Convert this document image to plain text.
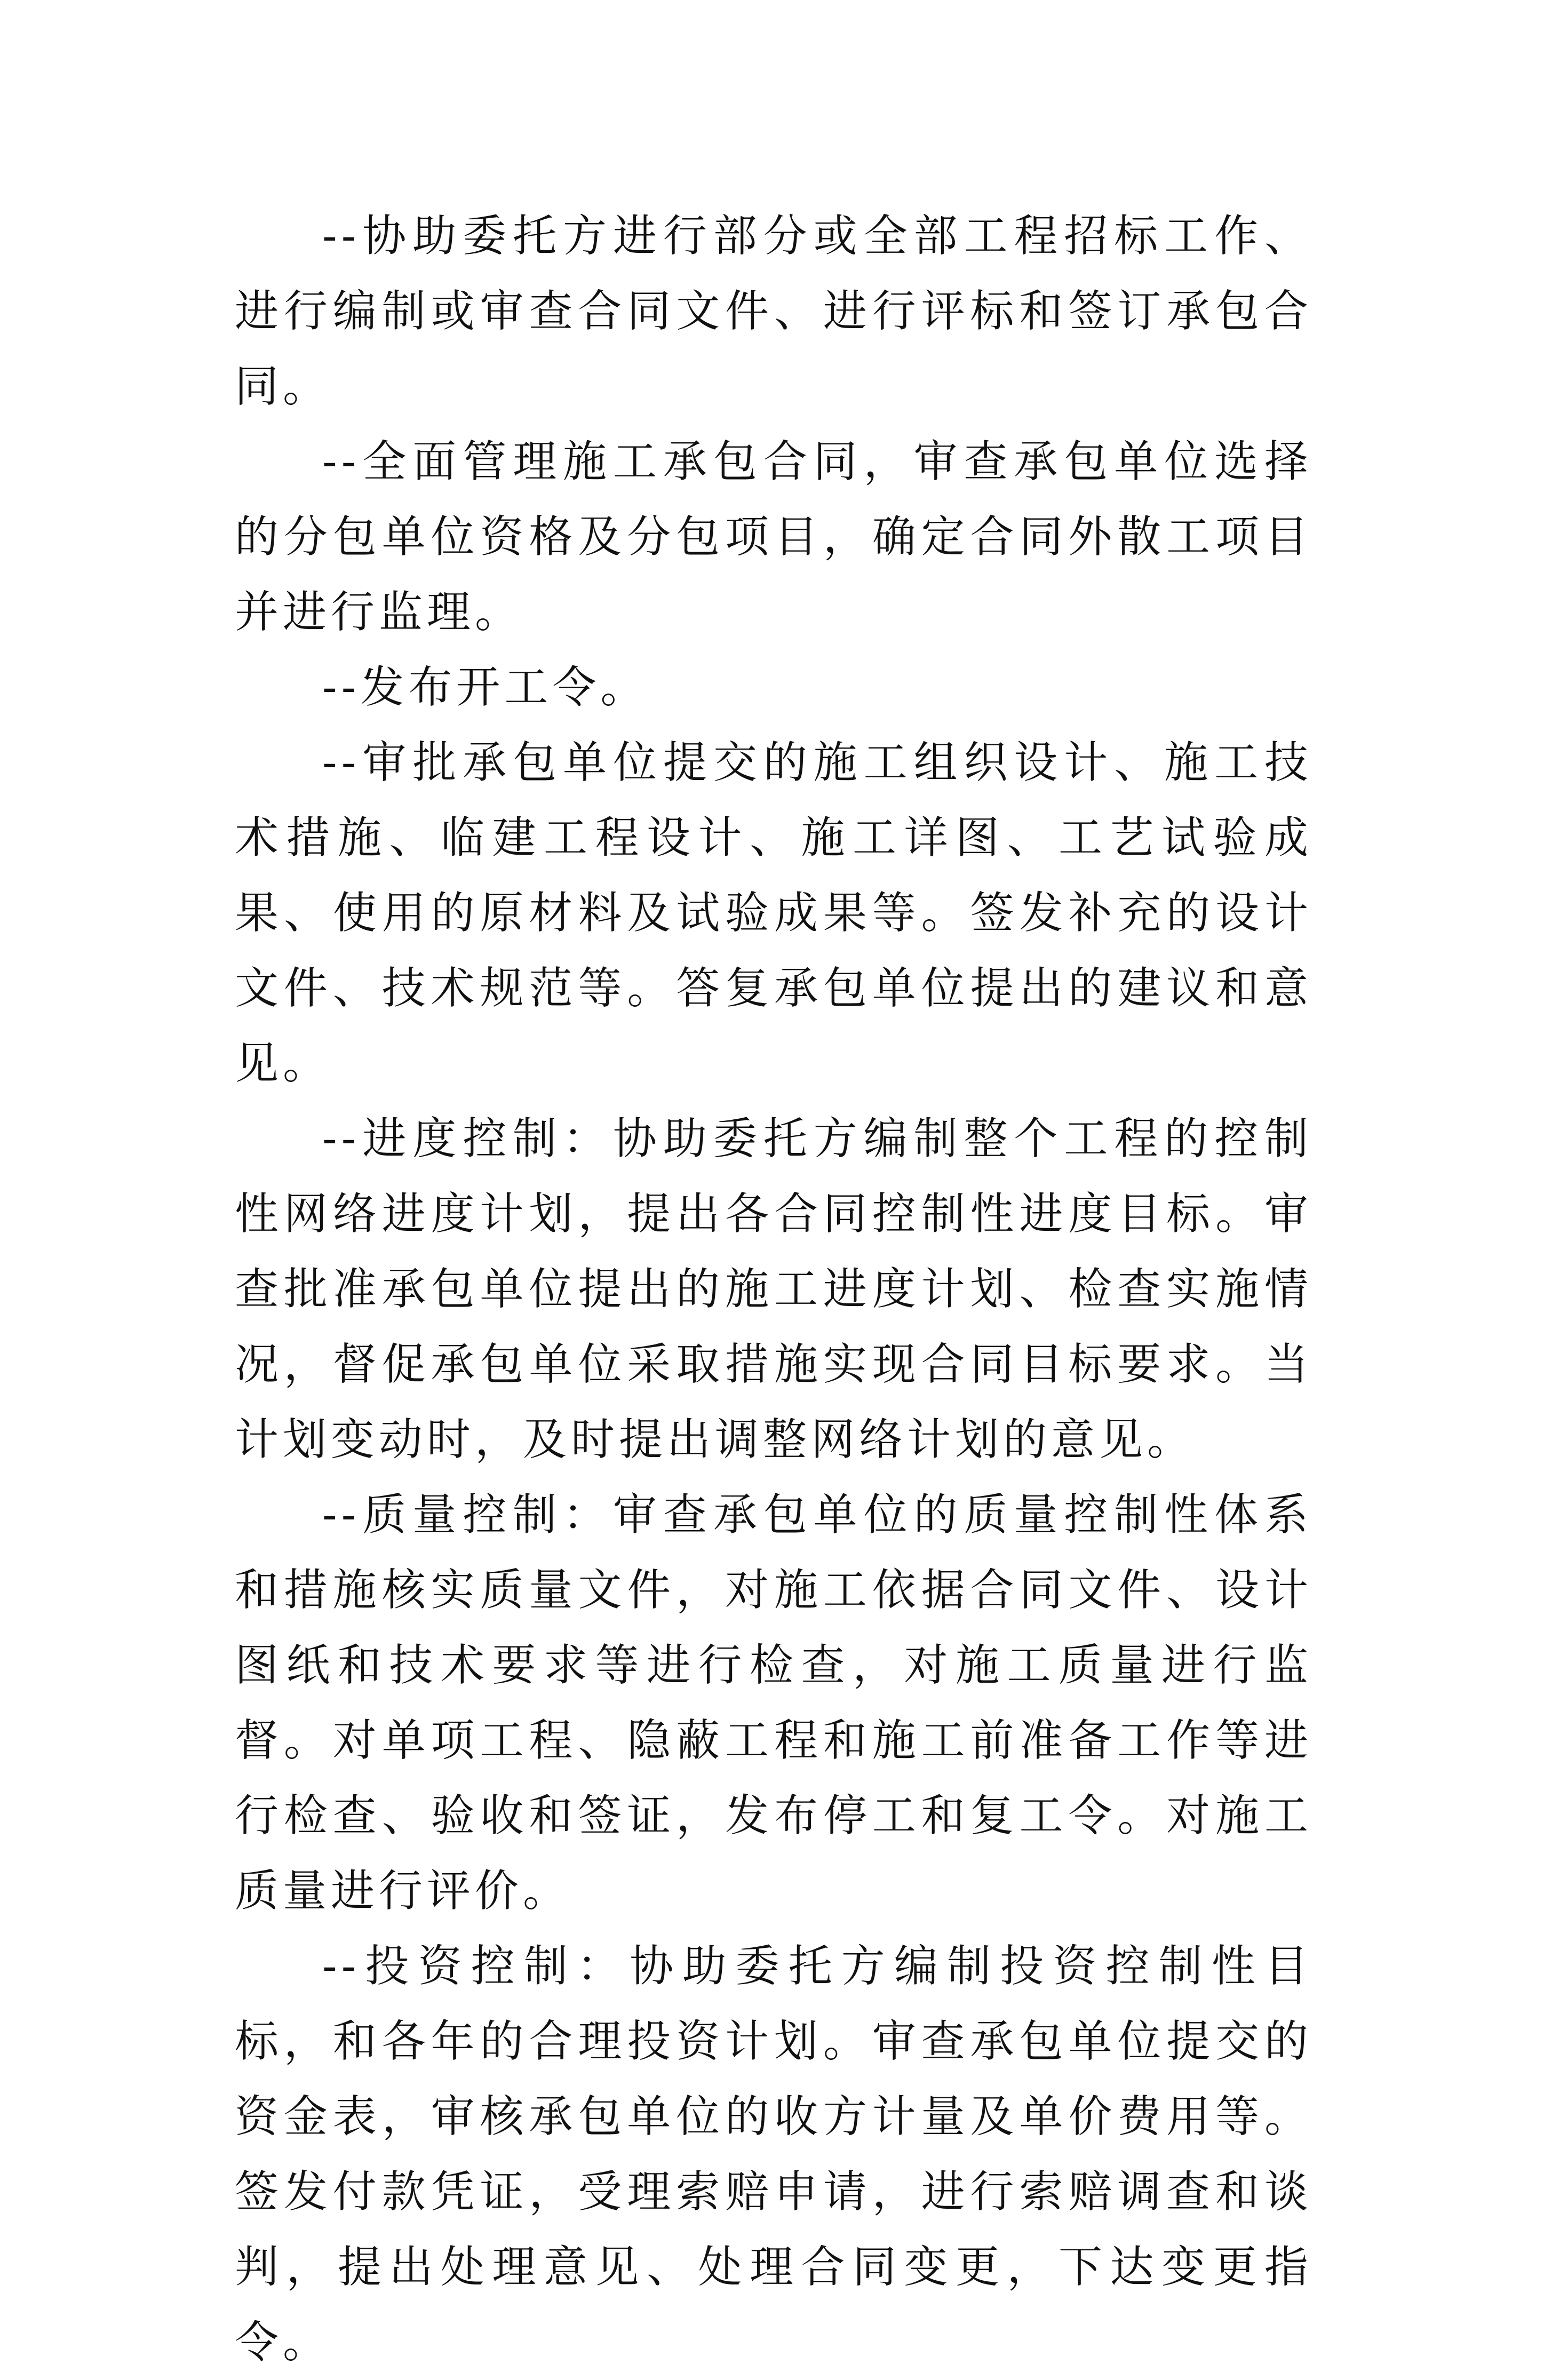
--协助委托方进行部分或全部工程招标工作、进行编制或审查合同文件、进行评标和签订承包合同。

--全面管理施工承包合同，审查承包单位选择的分包单位资格及分包项目，确定合同外散工项目并进行监理。

--发布开工令。

--审批承包单位提交的施工组织设计、施工技术措施、临建工程设计、施工详图、工艺试验成果、使用的原材料及试验成果等。签发补充的设计文件、技术规范等。答复承包单位提出的建议和意见。

--进度控制：协助委托方编制整个工程的控制性网络进度计划，提出各合同控制性进度目标。审查批准承包单位提出的施工进度计划、检查实施情况，督促承包单位采取措施实现合同目标要求。当计划变动时，及时提出调整网络计划的意见。

--质量控制：审查承包单位的质量控制性体系和措施核实质量文件，对施工依据合同文件、设计图纸和技术要求等进行检查，对施工质量进行监督。对单项工程、隐蔽工程和施工前准备工作等进行检查、验收和签证，发布停工和复工令。对施工质量进行评价。

--投资控制：协助委托方编制投资控制性目标，和各年的合理投资计划。审查承包单位提交的资金表，审核承包单位的收方计量及单价费用等。签发付款凭证，受理索赔申请，进行索赔调查和谈判，提出处理意见、处理合同变更，下达变更指令。
